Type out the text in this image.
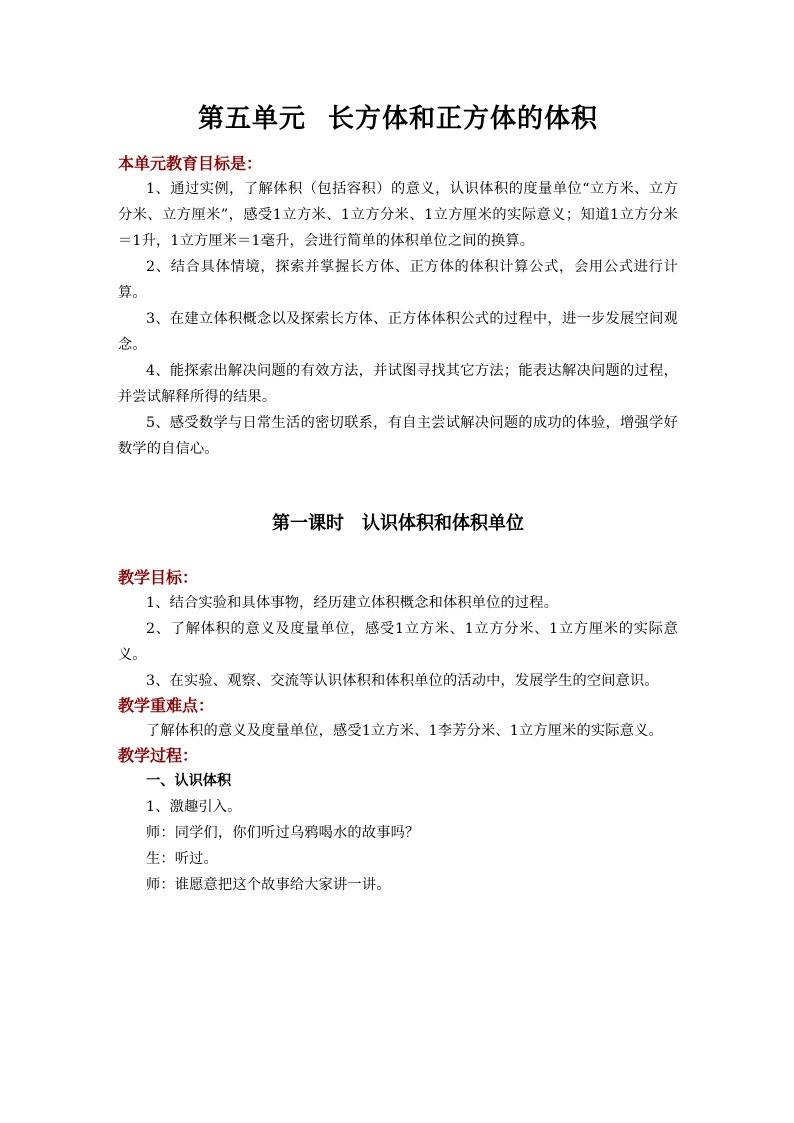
第五单元 长方体和正方体的体积

本单元教育目标是：

1、通过实例，了解体积（包括容积）的意义，认识体积的度量单位“立方米、立方分米、立方厘米”，感受1立方米、1立方分米、1立方厘米的实际意义；知道1立方分米＝1升，1立方厘米＝1毫升，会进行简单的体积单位之间的换算。

2、结合具体情境，探索并掌握长方体、正方体的体积计算公式，会用公式进行计算。

3、在建立体积概念以及探索长方体、正方体体积公式的过程中，进一步发展空间观念。

4、能探索出解决问题的有效方法，并试图寻找其它方法；能表达解决问题的过程，并尝试解释所得的结果。

5、感受数学与日常生活的密切联系，有自主尝试解决问题的成功的体验，增强学好数学的自信心。

第一课时 认识体积和体积单位

教学目标：

1、结合实验和具体事物，经历建立体积概念和体积单位的过程。

2、了解体积的意义及度量单位，感受1立方米、1立方分米、1立方厘米的实际意义。

3、在实验、观察、交流等认识体积和体积单位的活动中，发展学生的空间意识。

教学重难点：

了解体积的意义及度量单位，感受1立方米、1李芳分米、1立方厘米的实际意义。

教学过程：

一、认识体积

1、激趣引入。

师：同学们，你们听过乌鸦喝水的故事吗？

生：听过。

师：谁愿意把这个故事给大家讲一讲。
